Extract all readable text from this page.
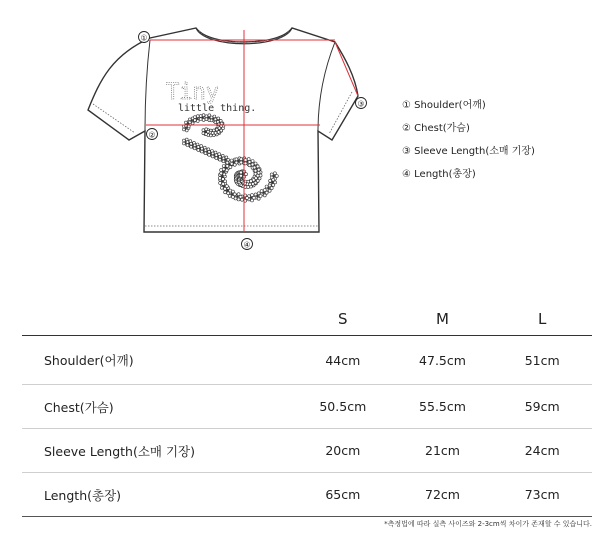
Tiny
little thing.
①
②
③
④
① Shoulder(어깨)
② Chest(가슴)
③ Sleeve Length(소매 기장)
④ Length(총장)
	S	M	L
Shoulder(어깨)	44cm	47.5cm	51cm
Chest(가슴)	50.5cm	55.5cm	59cm
Sleeve Length(소매 기장)	20cm	21cm	24cm
Length(총장)	65cm	72cm	73cm
*측정법에 따라 실측 사이즈와 2-3cm씩 차이가 존재할 수 있습니다.
